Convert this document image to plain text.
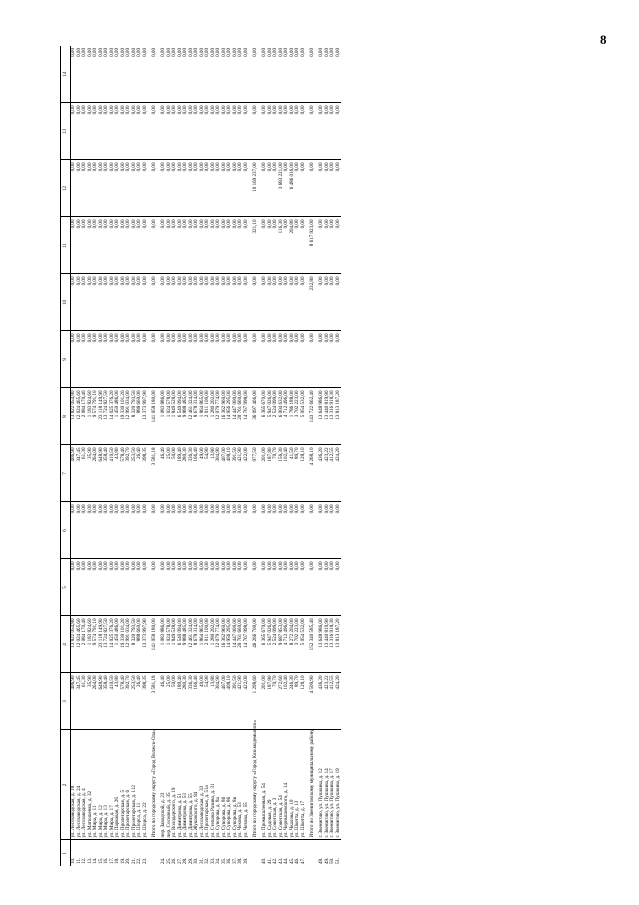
8
1	2	3	4	5	6	7	8	9	10	11	12	13	14
10.	ул. Лесозаводская, д. 18	406,90	13 822 054,80	0,00	0,00	406,90	13 822 054,80	0,00	0,00	0,00	0,00	0,00	0,00
11.	ул. Лесозаводская, д. 24	347,45	12 024 465,60	0,00	0,00	347,45	12 024 465,60	0,00	0,00	0,00	0,00	0,00	0,00
12.	ул. Лесозаводская, д. 4	61,30	2 084 170,40	0,00	0,00	61,30	2 084 170,40	0,00	0,00	0,00	0,00	0,00	0,00
13.	ул. Матюшенко, д. 32	35,90	1 183 824,60	0,00	0,00	35,90	1 183 824,60	0,00	0,00	0,00	0,00	0,00	0,00
14.	ул. Мира, д. 11	264,00	9 574 791,10	0,00	0,00	264,00	9 574 791,10	0,00	0,00	0,00	0,00	0,00	0,00
15.	ул. Мира, д. 12	648,90	23 118 149,90	0,00	0,00	648,90	23 118 149,90	0,00	0,00	0,00	0,00	0,00	0,00
16.	ул. Мира, д. 13	358,40	13 724 827,50	0,00	0,00	358,40	13 724 827,50	0,00	0,00	0,00	0,00	0,00	0,00
17.	ул. Мира, д. 17	410,50	14 025 376,20	0,00	0,00	410,50	14 025 376,20	0,00	0,00	0,00	0,00	0,00	0,00
18.	ул. Парковая, д. 26	43,80	1 450 486,00	0,00	0,00	43,80	1 450 486,00	0,00	0,00	0,00	0,00	0,00	0,00
19.	ул. Пролетарская, д. 5	578,40	19 330 101,20	0,00	0,00	578,40	19 330 101,20	0,00	0,00	0,00	0,00	0,00	0,00
20.	ул. Пролетарская, д. 6	392,70	12 991 034,00	0,00	0,00	392,70	12 991 034,00	0,00	0,00	0,00	0,00	0,00	0,00
21.	ул. Пролетарская, д. 112	253,50	8 320 793,50	0,00	0,00	253,50	8 320 793,50	0,00	0,00	0,00	0,00	0,00	0,00
22.	ул. Шорса, д. 11	26,40	888 660,00	0,00	0,00	26,40	888 660,00	0,00	0,00	0,00	0,00	0,00	0,00
23.	ул. Шорса, д. 22	398,35	13 373 997,90	0,00	0,00	398,35	13 373 997,90	0,00	0,00	0,00	0,00	0,00	0,00
	Итого по городскому округу «Город Волжск-Ола»	3 581,18	141 058 180,00	0,00	0,00	3 581,18	141 058 180,00	0,00	0,00	0,00	0,00	0,00	0,00
24.	пер. Заводской, д. 23	46,40	1 083 886,00	0,00	0,00	46,40	1 083 886,00	0,00	0,00	0,00	0,00	0,00	0,00
25.	пер. Сосновый, д. 35	25,00	1 024 578,00	0,00	0,00	25,00	1 024 578,00	0,00	0,00	0,00	0,00	0,00	0,00
26.	ул. Володарского, д. 19	50,00	1 849 528,00	0,00	0,00	50,00	1 849 528,00	0,00	0,00	0,00	0,00	0,00	0,00
27.	ул. Димитрова, д. 51	189,40	6 540 094,00	0,00	0,00	189,40	6 540 094,00	0,00	0,00	0,00	0,00	0,00	0,00
28.	ул. Димитрова, д. 53	280,30	9 888 485,00	0,00	0,00	280,30	9 888 485,00	0,00	0,00	0,00	0,00	0,00	0,00
29.	ул. Димитрова, д. 55	336,30	12 461 324,00	0,00	0,00	336,30	12 461 324,00	0,00	0,00	0,00	0,00	0,00	0,00
30.	ул. Жуковского, д. 94	166,40	8 678 314,00	0,00	0,00	166,40	8 678 314,00	0,00	0,00	0,00	0,00	0,00	0,00
31.	ул. Лесозаводская, д. 33	49,00	1 864 865,00	0,00	0,00	49,00	1 864 865,00	0,00	0,00	0,00	0,00	0,00	0,00
32.	ул. Пролетарская, д. 51а	54,90	2 011 100,00	0,00	0,00	54,90	2 011 100,00	0,00	0,00	0,00	0,00	0,00	0,00
33.	ул. Степана Разина, д. 31	13,80	1 280 202,00	0,00	0,00	13,80	1 280 202,00	0,00	0,00	0,00	0,00	0,00	0,00
34.	ул. Суворова, д. 8а	304,90	12 079 774,00	0,00	0,00	304,90	12 079 774,00	0,00	0,00	0,00	0,00	0,00	0,00
35.	ул. Суворова, д. 86	407,00	16 362 960,00	0,00	0,00	407,00	16 362 960,00	0,00	0,00	0,00	0,00	0,00	0,00
36.	ул. Суворова, д. 86	408,10	14 956 295,00	0,00	0,00	408,10	14 956 295,00	0,00	0,00	0,00	0,00	0,00	0,00
37.	ул. Суворова, д. 8в	391,50	14 447 000,00	0,00	0,00	391,50	14 447 000,00	0,00	0,00	0,00	0,00	0,00	0,00
38.	ул. Чехова, д. 53	421,90	20 761 660,00	0,00	0,00	421,90	20 761 660,00	0,00	0,00	0,00	0,00	0,00	0,00
39.	ул. Чехова, д. 55	422,00	14 767 998,00	0,00	0,00	422,00	14 767 998,00	0,00	0,00	0,00	0,00	0,00	0,00
	Итого по городскому округу «Город Козьмодемьянск»	1 298,60	46 266 700,00	0,00	0,00	977,50	36 097 466,00	0,00	0,00	321,10	10 169 237,00	0,00	0,00
40.	ул. Промышленная, д. 54	201,00	6 365 670,00	0,00	0,00	201,00	6 365 670,00	0,00	0,00	0,00	0,00	0,00	0,00
41.	ул. Садовая, д. 29	187,80	5 947 026,00	0,00	0,00	187,80	5 947 026,00	0,00	0,00	0,00	0,00	0,00	0,00
42.	ул. Советская, д. 3	70,70	2 524 099,00	0,00	0,00	70,70	2 524 099,00	0,00	0,00	0,00	0,00	0,00	0,00
43.	ул. Советская, д. 54	272,60	9 687 853,00	0,00	0,00	156,30	6 004 632,00	0,00	0,00	116,30	3 683 221,00	0,00	0,00
44.	ул. Чернышевского, д. 14	102,40	4 712 496,00	0,00	0,00	102,40	4 712 496,00	0,00	0,00	0,00	0,00	0,00	0,00
45.	ул. Чкалова, д. 10	246,30	8 272 204,00	0,00	0,00	41,50	1 786 188,00	0,00	0,00	204,80	6 486 016,00	0,00	0,00
46.	ул. Шкетта, д. 13	89,70	3 702 223,00	0,00	0,00	89,70	3 702 223,00	0,00	0,00	0,00	0,00	0,00	0,00
47.	ул. Шкетта, д. 17	128,10	5 054 532,00	0,00	0,00	128,10	5 054 532,00	0,00	0,00	0,00	0,00	0,00	0,00
	Итого по Звениговскому муниципальному району	4 500,90	152 340 585,40	0,00	0,00	4 268,10	143 722 662,40	0,00	232,80	8 617 923,00	0,00	0,00	0,00
48.	г. Звенигово, ул. Пушкина, д. 12	436,20	13 648 986,00	0,00	0,00	436,20	13 648 986,00	0,00	0,00	0,00	0,00	0,00	0,00
49.	г. Звенигово, ул. Пушкина, д. 14	423,22	13 440 819,90	0,00	0,00	423,22	13 440 819,90	0,00	0,00	0,00	0,00	0,00	0,00
50.	г. Звенигово, ул. Пушкина, д. 17	412,55	13 316 918,30	0,00	0,00	412,55	13 316 918,30	0,00	0,00	0,00	0,00	0,00	0,00
51.	г. Звенигово, ул. Пушкина, д. 19	424,20	13 813 187,20	0,00	0,00	424,20	13 813 187,20	0,00	0,00	0,00	0,00	0,00	0,00
